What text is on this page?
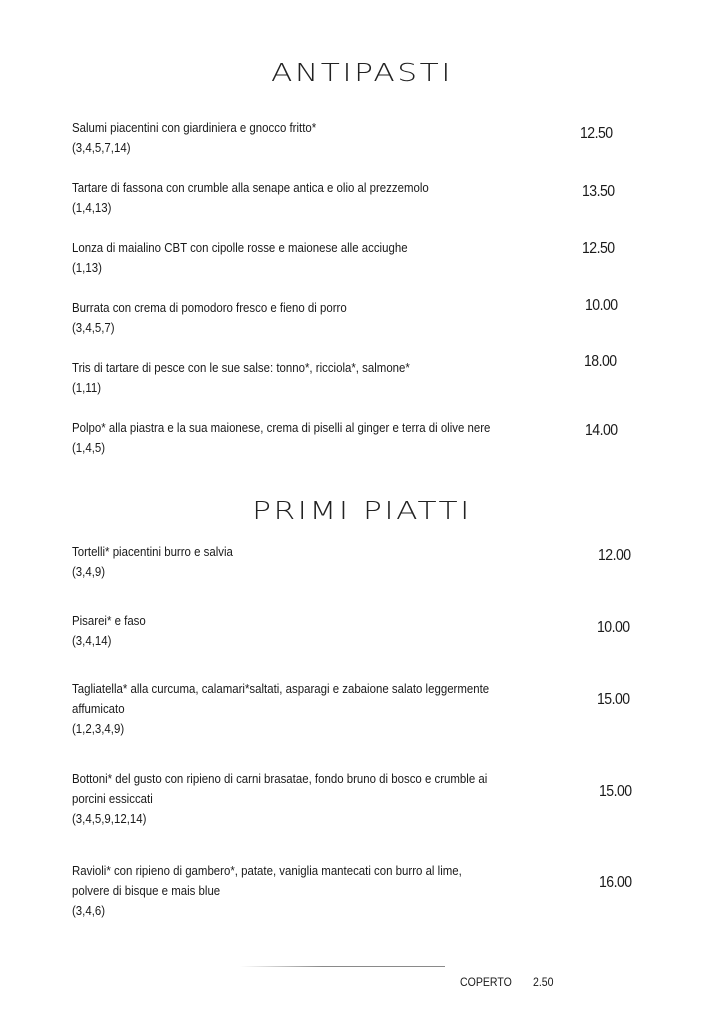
ANTIPASTI
Salumi piacentini con giardiniera e gnocco fritto*
(3,4,5,7,14)
12.50
Tartare di fassona con crumble alla senape antica e olio al prezzemolo
(1,4,13)
13.50
Lonza di maialino CBT con cipolle rosse e maionese alle acciughe
(1,13)
12.50
Burrata con crema di pomodoro fresco e fieno di porro
(3,4,5,7)
10.00
Tris di tartare di pesce con le sue salse: tonno*, ricciola*, salmone*
(1,11)
18.00
Polpo* alla piastra e la sua maionese, crema di piselli al ginger e terra di olive nere
(1,4,5)
14.00
PRIMI PIATTI
Tortelli* piacentini burro e salvia
(3,4,9)
12.00
Pisarei* e faso
(3,4,14)
10.00
Tagliatella* alla curcuma, calamari*saltati, asparagi e zabaione salato leggermente
affumicato
(1,2,3,4,9)
15.00
Bottoni* del gusto con ripieno di carni brasatae, fondo bruno di bosco e crumble ai
porcini essiccati
(3,4,5,9,12,14)
15.00
Ravioli* con ripieno di gambero*, patate, vaniglia mantecati con burro al lime,
polvere di bisque e mais blue
(3,4,6)
16.00
COPERTO 2.50
